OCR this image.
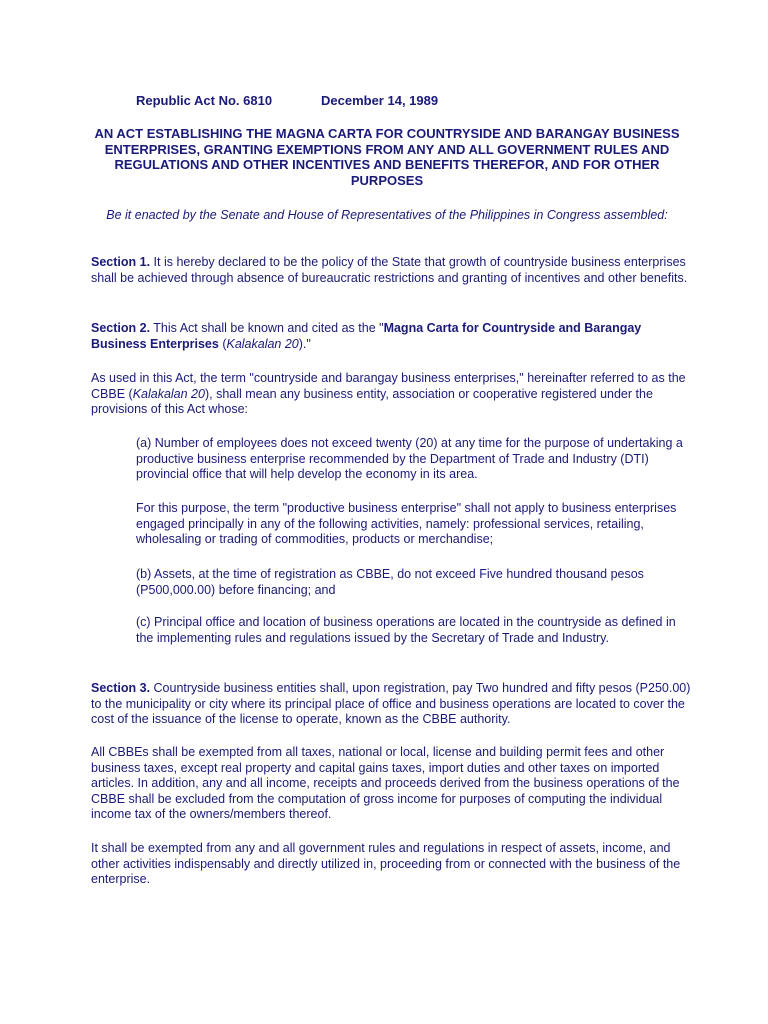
Republic Act No. 6810	December 14, 1989
AN ACT ESTABLISHING THE MAGNA CARTA FOR COUNTRYSIDE AND BARANGAY BUSINESS ENTERPRISES, GRANTING EXEMPTIONS FROM ANY AND ALL GOVERNMENT RULES AND REGULATIONS AND OTHER INCENTIVES AND BENEFITS THEREFOR, AND FOR OTHER PURPOSES
Be it enacted by the Senate and House of Representatives of the Philippines in Congress assembled:
Section 1. It is hereby declared to be the policy of the State that growth of countryside business enterprises shall be achieved through absence of bureaucratic restrictions and granting of incentives and other benefits.
Section 2. This Act shall be known and cited as the "Magna Carta for Countryside and Barangay Business Enterprises (Kalakalan 20)."
As used in this Act, the term "countryside and barangay business enterprises," hereinafter referred to as the CBBE (Kalakalan 20), shall mean any business entity, association or cooperative registered under the provisions of this Act whose:
(a) Number of employees does not exceed twenty (20) at any time for the purpose of undertaking a productive business enterprise recommended by the Department of Trade and Industry (DTI) provincial office that will help develop the economy in its area.
For this purpose, the term "productive business enterprise" shall not apply to business enterprises engaged principally in any of the following activities, namely: professional services, retailing, wholesaling or trading of commodities, products or merchandise;
(b) Assets, at the time of registration as CBBE, do not exceed Five hundred thousand pesos (P500,000.00) before financing; and
(c) Principal office and location of business operations are located in the countryside as defined in the implementing rules and regulations issued by the Secretary of Trade and Industry.
Section 3. Countryside business entities shall, upon registration, pay Two hundred and fifty pesos (P250.00) to the municipality or city where its principal place of office and business operations are located to cover the cost of the issuance of the license to operate, known as the CBBE authority.
All CBBEs shall be exempted from all taxes, national or local, license and building permit fees and other business taxes, except real property and capital gains taxes, import duties and other taxes on imported articles. In addition, any and all income, receipts and proceeds derived from the business operations of the CBBE shall be excluded from the computation of gross income for purposes of computing the individual income tax of the owners/members thereof.
It shall be exempted from any and all government rules and regulations in respect of assets, income, and other activities indispensably and directly utilized in, proceeding from or connected with the business of the enterprise.
